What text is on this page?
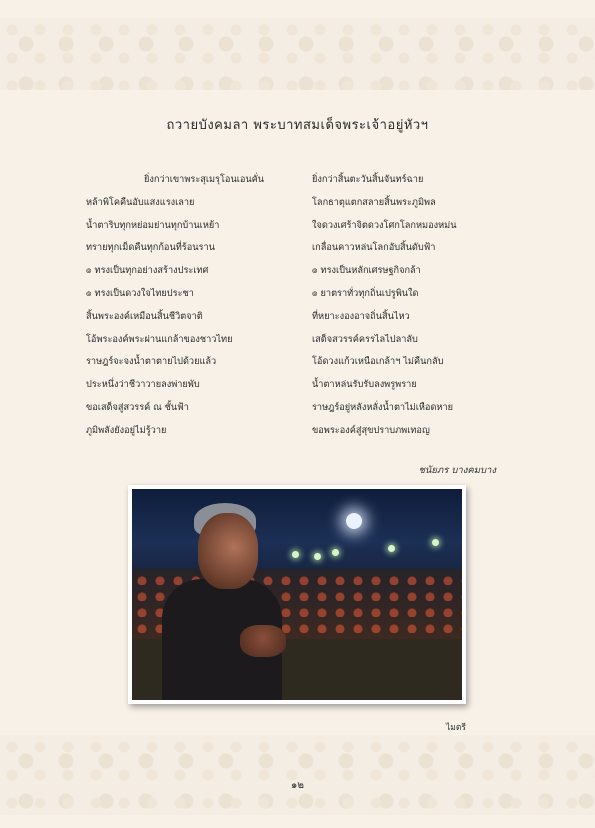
ถวายบังคมลา พระบาทสมเด็จพระเจ้าอยู่หัวฯ
ยิ่งกว่าเขาพระสุเมรุโอนเอนคั่น
หล้าพิโคคืนอับแสงแรงเลาย
น้ำตาริบทุกหย่อมย่านทุกบ้านเหย้า
ทรายทุกเม็ดคืนทุกก้อนที่ร้อนราน
๏ ทรงเป็นทุกอย่างสร้างประเทศ
๏ ทรงเป็นดวงใจไทยประชา
สิ้นพระองค์เหมือนสิ้นชีวิตจาติ
โอ้พระองค์พระผ่านแกล้าของชาวไทย
ราษฎร์จะจงน้ำตาตายไปด้วยแล้ว
ประหนึ่งว่าชีวาวายลงพ่ายพับ
ขอเสด็จสู่สวรรค์ ณ ชั้นฟ้า
ภูมิพลังยังอยู่ไม่รู้วาย
ยิ่งกว่าสิ้นตะวันสิ้นจันทร์ฉาย
โลกธาตุแตกสลายสิ้นพระภูมิพล
ใจดวงเศร้าจิตดวงโศกโลกหมองหม่น
เกลื่อนคาวหล่นโลกอับสิ้นดับฟ้า
๏ ทรงเป็นหลักเศรษฐกิจกล้า
๏ ยาตราทั่วทุกถิ่นเปรูพินใด
ที่หยาะงองอาจถิ่นสิ้นไหว
เสด็จสวรรค์ครรไลไปลาลับ
โอ้ดวงแก้วเหนือเกล้าฯ ไม่คืนกลับ
น้ำตาหล่นรับรับลงพรูพราย
ราษฎร์อยู่หลังหลั่งน้ำตาไม่เหือดหาย
ขอพระองค์สู่สุขปราบภพเทอญ
ชนัยภร บางคมบาง
ไมตรี
๑๒
